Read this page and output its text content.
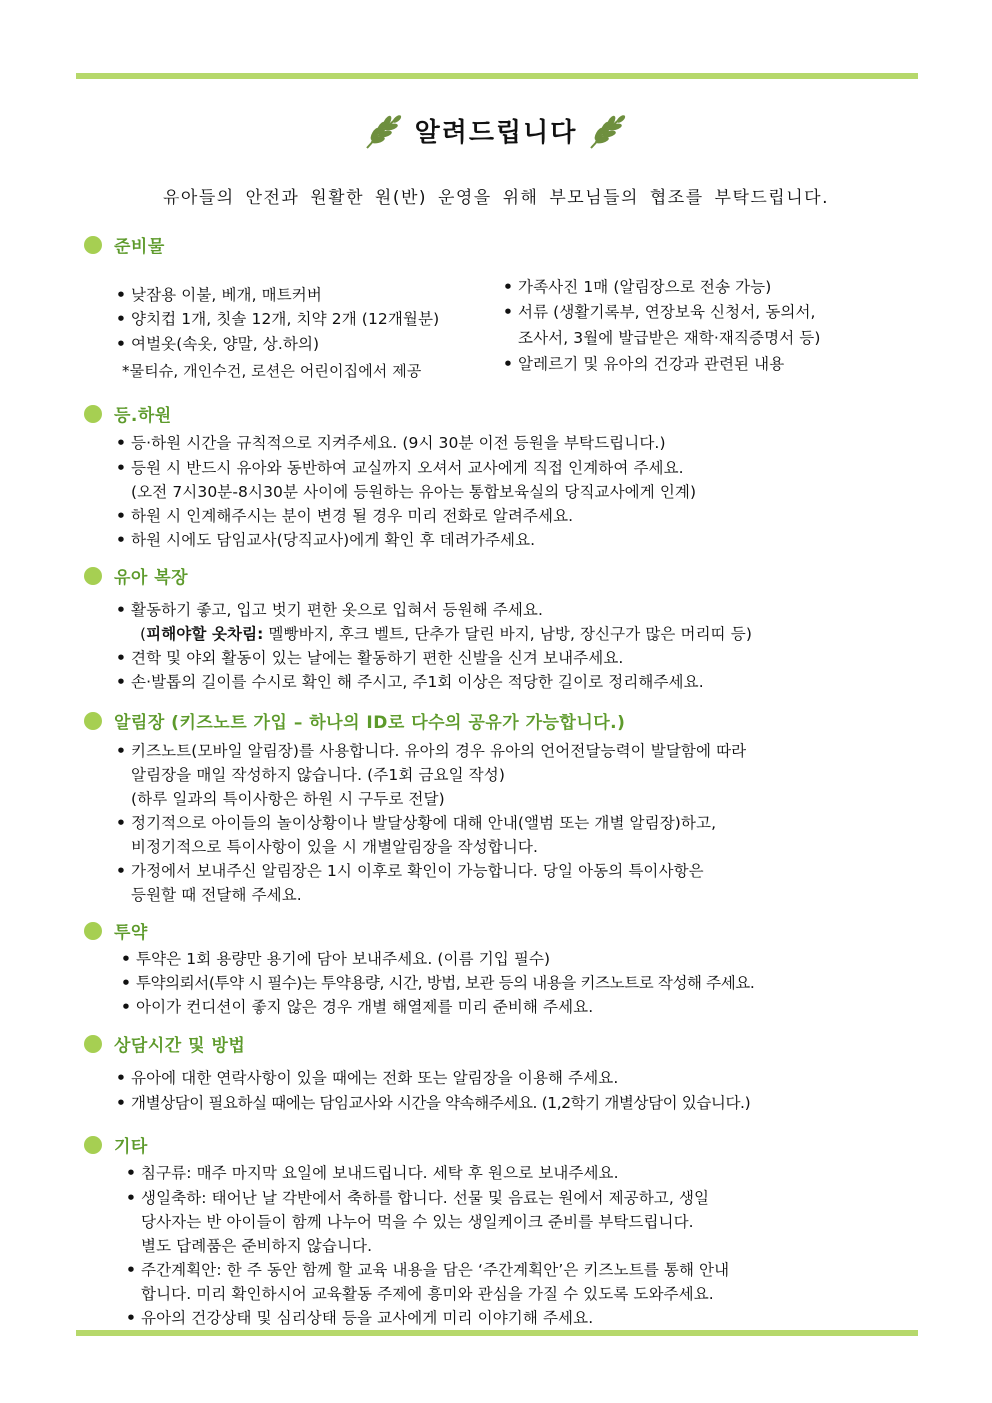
알려드립니다
유아들의 안전과 원활한 원(반) 운영을 위해 부모님들의 협조를 부탁드립니다.
준비물
• 낮잠용 이불, 베개, 매트커버
• 양치컵 1개, 칫솔 12개, 치약 2개 (12개월분)
• 여벌옷(속옷, 양말, 상.하의)
*물티슈, 개인수건, 로션은 어린이집에서 제공
• 가족사진 1매 (알림장으로 전송 가능)
• 서류 (생활기록부, 연장보육 신청서, 동의서,
조사서, 3월에 발급받은 재학·재직증명서 등)
• 알레르기 및 유아의 건강과 관련된 내용
등.하원
• 등·하원 시간을 규칙적으로 지켜주세요. (9시 30분 이전 등원을 부탁드립니다.)
• 등원 시 반드시 유아와 동반하여 교실까지 오셔서 교사에게 직접 인계하여 주세요.
(오전 7시30분-8시30분 사이에 등원하는 유아는 통합보육실의 당직교사에게 인계)
• 하원 시 인계해주시는 분이 변경 될 경우 미리 전화로 알려주세요.
• 하원 시에도 담임교사(당직교사)에게 확인 후 데려가주세요.
유아 복장
• 활동하기 좋고, 입고 벗기 편한 옷으로 입혀서 등원해 주세요.
(피해야할 옷차림: 멜빵바지, 후크 벨트, 단추가 달린 바지, 남방, 장신구가 많은 머리띠 등)
• 견학 및 야외 활동이 있는 날에는 활동하기 편한 신발을 신겨 보내주세요.
• 손·발톱의 길이를 수시로 확인 해 주시고, 주1회 이상은 적당한 길이로 정리해주세요.
알림장 (키즈노트 가입 – 하나의 ID로 다수의 공유가 가능합니다.)
• 키즈노트(모바일 알림장)를 사용합니다. 유아의 경우 유아의 언어전달능력이 발달함에 따라
알림장을 매일 작성하지 않습니다. (주1회 금요일 작성)
(하루 일과의 특이사항은 하원 시 구두로 전달)
• 정기적으로 아이들의 놀이상황이나 발달상황에 대해 안내(앨범 또는 개별 알림장)하고,
비정기적으로 특이사항이 있을 시 개별알림장을 작성합니다.
• 가정에서 보내주신 알림장은 1시 이후로 확인이 가능합니다. 당일 아동의 특이사항은
등원할 때 전달해 주세요.
투약
• 투약은 1회 용량만 용기에 담아 보내주세요. (이름 기입 필수)
• 투약의뢰서(투약 시 필수)는 투약용량, 시간, 방법, 보관 등의 내용을 키즈노트로 작성해 주세요.
• 아이가 컨디션이 좋지 않은 경우 개별 해열제를 미리 준비해 주세요.
상담시간 및 방법
• 유아에 대한 연락사항이 있을 때에는 전화 또는 알림장을 이용해 주세요.
• 개별상담이 필요하실 때에는 담임교사와 시간을 약속해주세요. (1,2학기 개별상담이 있습니다.)
기타
• 침구류: 매주 마지막 요일에 보내드립니다. 세탁 후 원으로 보내주세요.
• 생일축하: 태어난 날 각반에서 축하를 합니다. 선물 및 음료는 원에서 제공하고, 생일
당사자는 반 아이들이 함께 나누어 먹을 수 있는 생일케이크 준비를 부탁드립니다.
별도 답례품은 준비하지 않습니다.
• 주간계획안: 한 주 동안 함께 할 교육 내용을 담은 ‘주간계획안’은 키즈노트를 통해 안내
합니다. 미리 확인하시어 교육활동 주제에 흥미와 관심을 가질 수 있도록 도와주세요.
• 유아의 건강상태 및 심리상태 등을 교사에게 미리 이야기해 주세요.
